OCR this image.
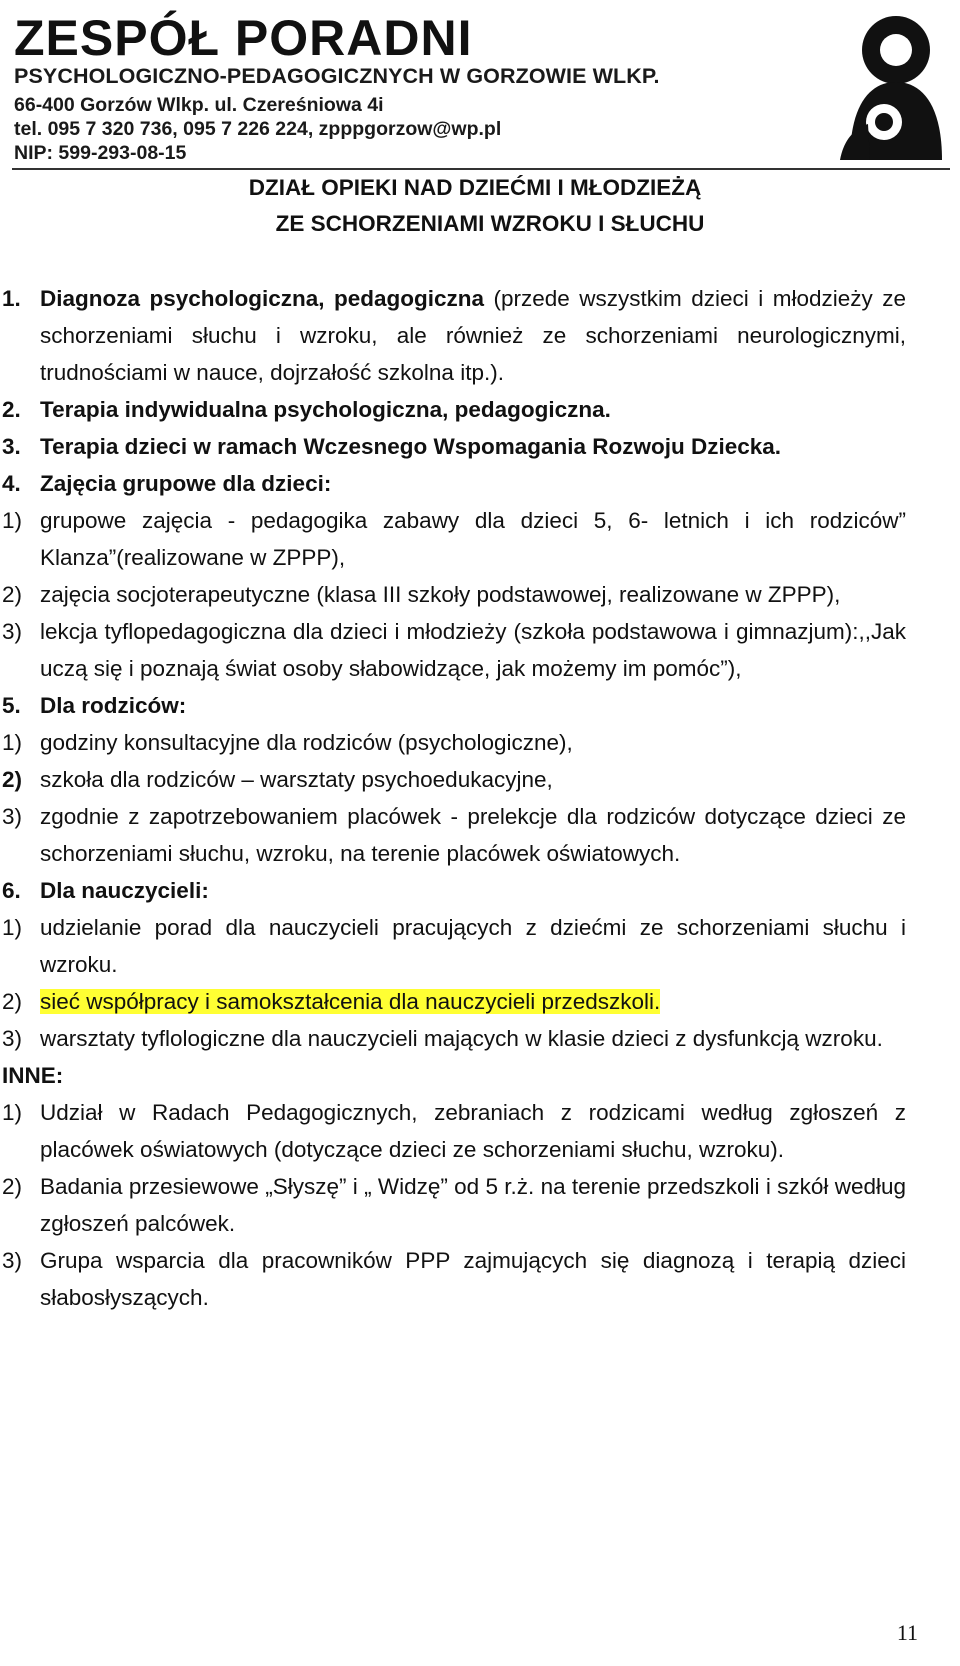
ZESPÓŁ PORADNI
PSYCHOLOGICZNO-PEDAGOGICZNYCH W GORZOWIE WLKP.
66-400 Gorzów Wlkp. ul. Czereśniowa 4i
tel. 095 7 320 736, 095 7 226 224, zpppgorzow@wp.pl
NIP: 599-293-08-15
DZIAŁ OPIEKI NAD DZIEĆMI I MŁODZIEŻĄ
ZE SCHORZENIAMI WZROKU I SŁUCHU
1. Diagnoza psychologiczna, pedagogiczna (przede wszystkim dzieci i młodzieży ze schorzeniami słuchu i wzroku, ale również ze schorzeniami neurologicznymi, trudnościami w nauce, dojrzałość szkolna itp.).
2. Terapia indywidualna psychologiczna, pedagogiczna.
3. Terapia dzieci w ramach Wczesnego Wspomagania Rozwoju Dziecka.
4. Zajęcia grupowe dla dzieci:
1) grupowe zajęcia - pedagogika zabawy dla dzieci 5, 6- letnich i ich rodziców” Klanza”(realizowane w ZPPP),
2) zajęcia socjoterapeutyczne (klasa III szkoły podstawowej, realizowane w ZPPP),
3) lekcja tyflopedagogiczna dla dzieci i młodzieży (szkoła podstawowa i gimnazjum):,,Jak uczą się i poznają świat osoby słabowidzące, jak możemy im pomóc”),
5. Dla rodziców:
1) godziny konsultacyjne dla rodziców (psychologiczne),
2) szkoła dla rodziców – warsztaty psychoedukacyjne,
3) zgodnie z zapotrzebowaniem placówek - prelekcje dla rodziców dotyczące dzieci ze schorzeniami słuchu, wzroku, na terenie placówek oświatowych.
6. Dla nauczycieli:
1) udzielanie porad dla nauczycieli pracujących z dziećmi ze schorzeniami słuchu i wzroku.
2) sieć współpracy i samokształcenia dla nauczycieli przedszkoli.
3) warsztaty tyflologiczne dla nauczycieli mających w klasie dzieci z dysfunkcją wzroku.
INNE:
1) Udział w Radach Pedagogicznych, zebraniach z rodzicami według zgłoszeń z placówek oświatowych (dotyczące dzieci ze schorzeniami słuchu, wzroku).
2) Badania przesiewowe „Słyszę” i „ Widzę” od 5 r.ż. na terenie przedszkoli i szkół według zgłoszeń palcówek.
3) Grupa wsparcia dla pracowników PPP zajmujących się diagnozą i terapią dzieci słabosłyszących.
11
